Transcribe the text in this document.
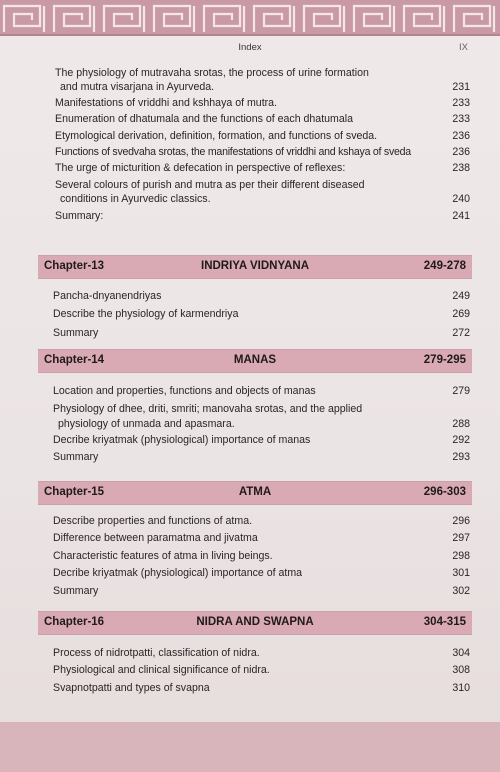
Index	IX
The physiology of mutravaha srotas, the process of urine formation
and mutra visarjana in Ayurveda.	231
Manifestations of vriddhi and kshhaya of mutra.	233
Enumeration of dhatumala and the functions of each dhatumala	233
Etymological derivation, definition, formation, and functions of sveda.	236
Functions of svedvaha srotas, the manifestations of vriddhi and kshaya of sveda	236
The urge of micturition & defecation in perspective of reflexes:	238
Several colours of purish and mutra as per their different diseased
conditions in Ayurvedic classics.	240
Summary:	241
Chapter-13	INDRIYA VIDNYANA	249-278
Pancha-dnyanendriyas	249
Describe the physiology of karmendriya	269
Summary	272
Chapter-14	MANAS	279-295
Location and properties, functions and objects of manas	279
Physiology of dhee, driti, smriti; manovaha srotas, and the applied
physiology of unmada and apasmara.	288
Decribe kriyatmak (physiological) importance of manas	292
Summary	293
Chapter-15	ATMA	296-303
Describe properties and functions of atma.	296
Difference between paramatma and jivatma	297
Characteristic features of atma in living beings.	298
Decribe kriyatmak (physiological) importance of atma	301
Summary	302
Chapter-16	NIDRA AND SWAPNA	304-315
Process of nidrotpatti, classification of nidra.	304
Physiological and clinical significance of nidra.	308
Svapnotpatti and types of svapna	310
